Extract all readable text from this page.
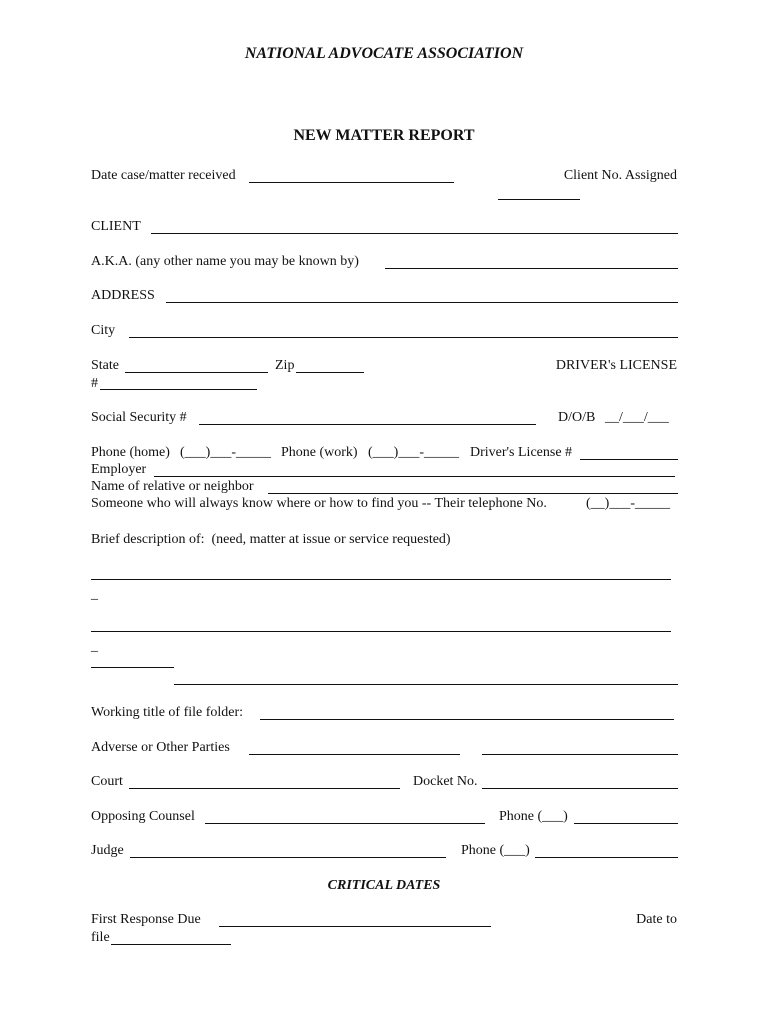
NATIONAL ADVOCATE ASSOCIATION
NEW MATTER REPORT
Date case/matter received	Client No. Assigned
CLIENT
A.K.A. (any other name you may be known by)
ADDRESS
City
State	Zip	DRIVER's LICENSE
#
Social Security #	D/O/B __/___/___
Phone (home) (___)___-_____ Phone (work) (___)___-_____ Driver's License #
Employer
Name of relative or neighbor
Someone who will always know where or how to find you -- Their telephone No.	(__)___-_____
Brief description of:  (need, matter at issue or service requested)
_
_
Working title of file folder:
Adverse or Other Parties
Court	Docket No.
Opposing Counsel	Phone (___)
Judge	Phone (___)
CRITICAL DATES
First Response Due	Date to
file
